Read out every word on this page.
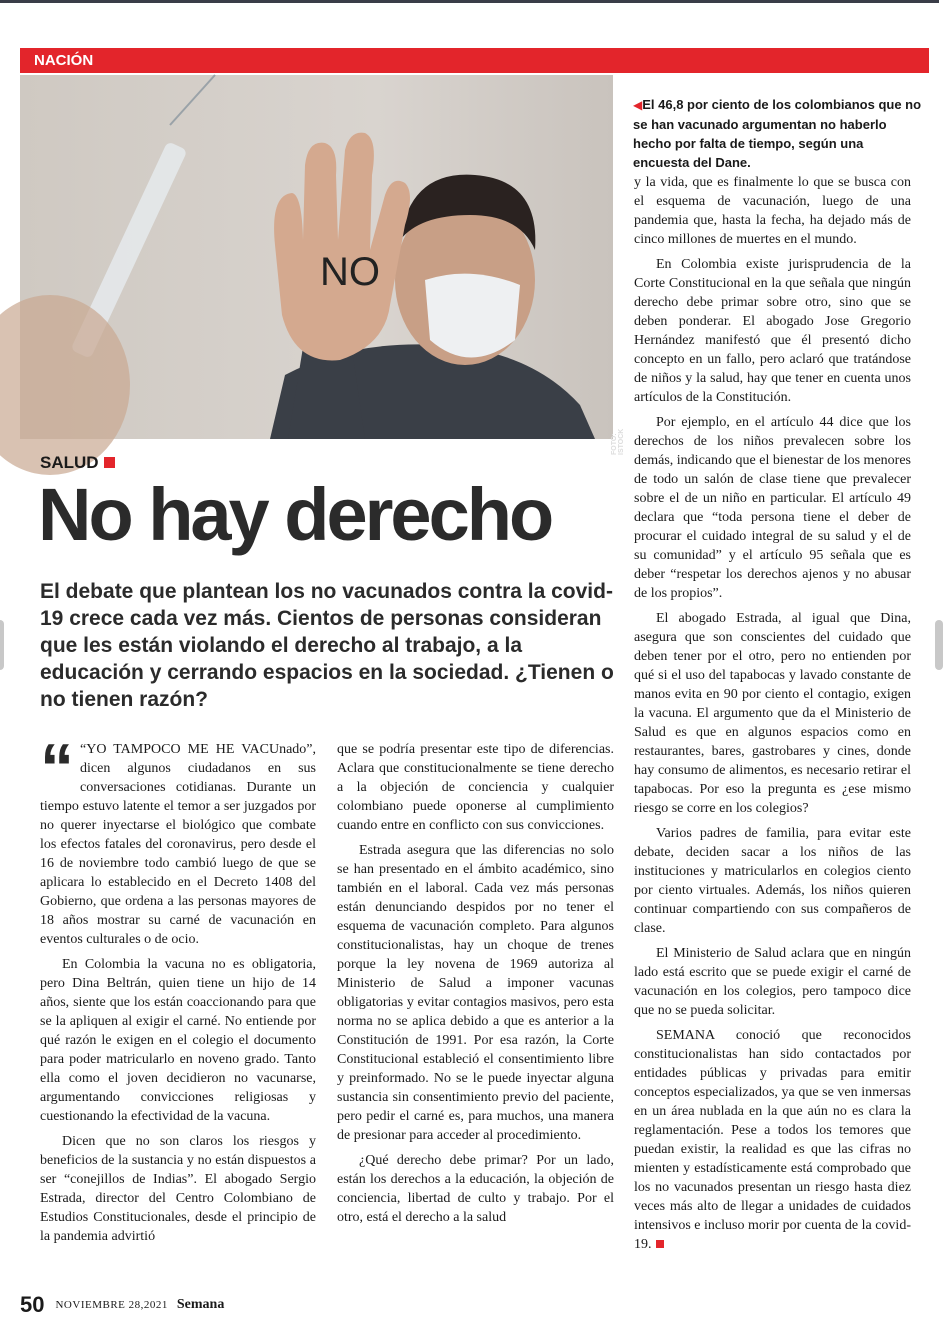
NACIÓN
NO
FOTO: ISTOCK
◀El 46,8 por ciento de los colombianos que no se han vacunado argumentan no haberlo hecho por falta de tiempo, según una encuesta del Dane.
SALUD
No hay derecho
El debate que plantean los no vacunados contra la covid-19 crece cada vez más. Cientos de personas consideran que les están violando el derecho al trabajo, a la educación y cerrando espacios en la sociedad. ¿Tienen o no tienen razón?

“ “YO TAMPOCO ME HE VACUnado”, dicen algunos ciudadanos en sus conversaciones cotidianas. Durante un tiempo estuvo latente el temor a ser juzgados por no querer inyectarse el biológico que combate los efectos fatales del coronavirus, pero desde el 16 de noviembre todo cambió luego de que se aplicara lo establecido en el Decreto 1408 del Gobierno, que ordena a las personas mayores de 18 años mostrar su carné de vacunación en eventos culturales o de ocio.

En Colombia la vacuna no es obligatoria, pero Dina Beltrán, quien tiene un hijo de 14 años, siente que los están coaccionando para que se la apliquen al exigir el carné. No entiende por qué razón le exigen en el colegio el documento para poder matricularlo en noveno grado. Tanto ella como el joven decidieron no vacunarse, argumentando convicciones religiosas y cuestionando la efectividad de la vacuna.

Dicen que no son claros los riesgos y beneficios de la sustancia y no están dispuestos a ser “conejillos de Indias”. El abogado Sergio Estrada, director del Centro Colombiano de Estudios Constitucionales, desde el principio de la pandemia advirtió

que se podría presentar este tipo de diferencias. Aclara que constitucionalmente se tiene derecho a la objeción de conciencia y cualquier colombiano puede oponerse al cumplimiento cuando entre en conflicto con sus convicciones.

Estrada asegura que las diferencias no solo se han presentado en el ámbito académico, sino también en el laboral. Cada vez más personas están denunciando despidos por no tener el esquema de vacunación completo. Para algunos constitucionalistas, hay un choque de trenes porque la ley novena de 1969 autoriza al Ministerio de Salud a imponer vacunas obligatorias y evitar contagios masivos, pero esta norma no se aplica debido a que es anterior a la Constitución de 1991. Por esa razón, la Corte Constitucional estableció el consentimiento libre y preinformado. No se le puede inyectar alguna sustancia sin consentimiento previo del paciente, pero pedir el carné es, para muchos, una manera de presionar para acceder al procedimiento.

¿Qué derecho debe primar? Por un lado, están los derechos a la educación, la objeción de conciencia, libertad de culto y trabajo. Por el otro, está el derecho a la salud

y la vida, que es finalmente lo que se busca con el esquema de vacunación, luego de una pandemia que, hasta la fecha, ha dejado más de cinco millones de muertes en el mundo.

En Colombia existe jurisprudencia de la Corte Constitucional en la que señala que ningún derecho debe primar sobre otro, sino que se deben ponderar. El abogado Jose Gregorio Hernández manifestó que él presentó dicho concepto en un fallo, pero aclaró que tratándose de niños y la salud, hay que tener en cuenta unos artículos de la Constitución.

Por ejemplo, en el artículo 44 dice que los derechos de los niños prevalecen sobre los demás, indicando que el bienestar de los menores de todo un salón de clase tiene que prevalecer sobre el de un niño en particular. El artículo 49 declara que “toda persona tiene el deber de procurar el cuidado integral de su salud y el de su comunidad” y el artículo 95 señala que es deber “respetar los derechos ajenos y no abusar de los propios”.

El abogado Estrada, al igual que Dina, asegura que son conscientes del cuidado que deben tener por el otro, pero no entienden por qué si el uso del tapabocas y lavado constante de manos evita en 90 por ciento el contagio, exigen la vacuna. El argumento que da el Ministerio de Salud es que en algunos espacios como en restaurantes, bares, gastrobares y cines, donde hay consumo de alimentos, es necesario retirar el tapabocas. Por eso la pregunta es ¿ese mismo riesgo se corre en los colegios?

Varios padres de familia, para evitar este debate, deciden sacar a los niños de las instituciones y matricularlos en colegios ciento por ciento virtuales. Además, los niños quieren continuar compartiendo con sus compañeros de clase.

El Ministerio de Salud aclara que en ningún lado está escrito que se puede exigir el carné de vacunación en los colegios, pero tampoco dice que no se pueda solicitar.

SEMANA conoció que reconocidos constitucionalistas han sido contactados por entidades públicas y privadas para emitir conceptos especializados, ya que se ven inmersas en un área nublada en la que aún no es clara la reglamentación. Pese a todos los temores que puedan existir, la realidad es que las cifras no mienten y estadísticamente está comprobado que los no vacunados presentan un riesgo hasta diez veces más alto de llegar a unidades de cuidados intensivos e incluso morir por cuenta de la covid-19.

50 NOVIEMBRE 28,2021 Semana
